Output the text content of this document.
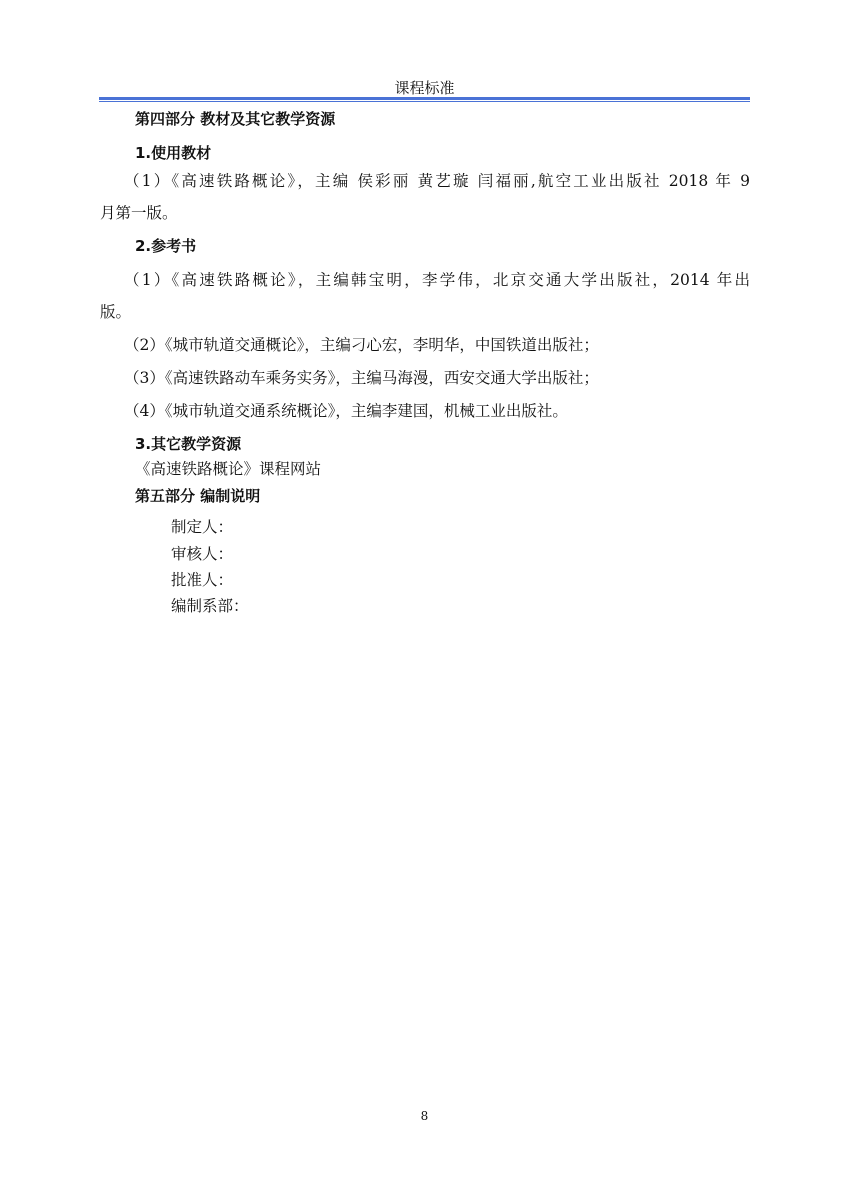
课程标准
第四部分 教材及其它教学资源
1.使用教材
（1）《高速铁路概论》，主编 侯彩丽 黄艺璇 闫福丽,航空工业出版社 2018 年 9
月第一版。
2.参考书
（1）《高速铁路概论》，主编韩宝明，李学伟，北京交通大学出版社，2014 年出
版。
（2）《城市轨道交通概论》，主编刁心宏，李明华，中国铁道出版社；
（3）《高速铁路动车乘务实务》，主编马海漫，西安交通大学出版社；
（4）《城市轨道交通系统概论》，主编李建国，机械工业出版社。
3.其它教学资源
《高速铁路概论》课程网站
第五部分 编制说明
制定人：
审核人：
批准人：
编制系部：
8
